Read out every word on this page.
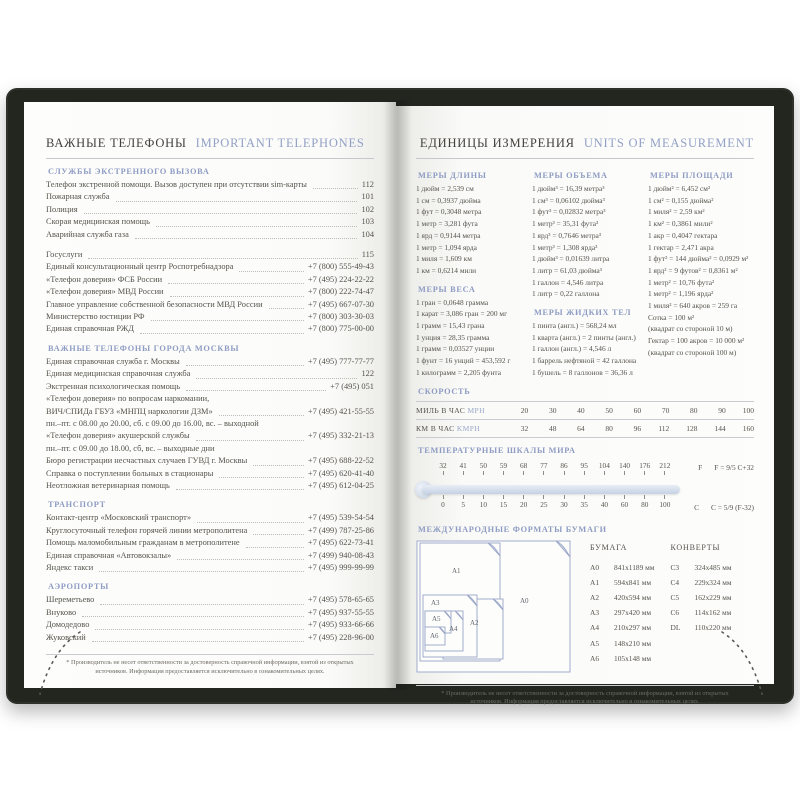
ВАЖНЫЕ ТЕЛЕФОНЫ IMPORTANT TELEPHONES
СЛУЖБЫ ЭКСТРЕННОГО ВЫЗОВА
Телефон экстренной помощи. Вызов доступен при отсутствии sim-карты	112
Пожарная служба	101
Полиция	102
Скорая медицинская помощь	103
Аварийная служба газа	104
Госуслуги	115
Единый консультационный центр Роспотребнадзора	+7 (800) 555-49-43
«Телефон доверия» ФСБ России	+7 (495) 224-22-22
«Телефон доверия» МВД России	+7 (800) 222-74-47
Главное управление собственной безопасности МВД России	+7 (495) 667-07-30
Министерство юстиции РФ	+7 (800) 303-30-03
Единая справочная РЖД	+7 (800) 775-00-00
ВАЖНЫЕ ТЕЛЕФОНЫ ГОРОДА МОСКВЫ
Единая справочная служба г. Москвы	+7 (495) 777-77-77
Единая медицинская справочная служба	122
Экстренная психологическая помощь	+7 (495) 051
«Телефон доверия» по вопросам наркомании,
ВИЧ/СПИДа ГБУЗ «МНПЦ наркологии ДЗМ»	+7 (495) 421-55-55
пн.–пт. с 08.00 до 20.00, сб. с 09.00 до 16.00, вс. – выходной
«Телефон доверия» акушерской службы	+7 (495) 332-21-13
пн.–пт. с 09.00 до 18.00, сб, вс. – выходные дни
Бюро регистрации несчастных случаев ГУВД г. Москвы	+7 (495) 688-22-52
Справка о поступлении больных в стационары	+7 (495) 620-41-40
Неотложная ветеринарная помощь	+7 (495) 612-04-25
ТРАНСПОРТ
Контакт-центр «Московский транспорт»	+7 (495) 539-54-54
Круглосуточный телефон горячей линии метрополитена	+7 (499) 787-25-86
Помощь маломобильным гражданам в метрополитене	+7 (495) 622-73-41
Единая справочная «Автовокзалы»	+7 (499) 940-08-43
Яндекс такси	+7 (495) 999-99-99
АЭРОПОРТЫ
Шереметьево	+7 (495) 578-65-65
Внуково	+7 (495) 937-55-55
Домодедово	+7 (495) 933-66-66
Жуковский	+7 (495) 228-96-00
* Производитель не несет ответственности за достоверность справочной информации, взятой из открытых источников. Информация предоставляется исключительно в ознакомительных целях.
ЕДИНИЦЫ ИЗМЕРЕНИЯ UNITS OF MEASUREMENT
МЕРЫ ДЛИНЫ
1 дюйм = 2,539 см
1 см = 0,3937 дюйма
1 фут = 0,3048 метра
1 метр = 3,281 фута
1 ярд = 0,9144 метра
1 метр = 1,094 ярда
1 миля = 1,609 км
1 км = 0,6214 мили
МЕРЫ ВЕСА
1 гран = 0,0648 грамма
1 карат = 3,086 гран = 200 мг
1 грамм = 15,43 грана
1 унция = 28,35 грамма
1 грамм = 0,03527 унции
1 фунт = 16 унций = 453,592 г
1 килограмм = 2,205 фунта
МЕРЫ ОБЪЕМА
1 дюйм³ = 16,39 метра³
1 см³ = 0,06102 дюйма³
1 фут³ = 0,02832 метра³
1 метр³ = 35,31 фута³
1 ярд³ = 0,7646 метра³
1 метр³ = 1,308 ярда³
1 дюйм³ = 0,01639 литра
1 литр = 61,03 дюйма³
1 галлон = 4,546 литра
1 литр = 0,22 галлона
МЕРЫ ЖИДКИХ ТЕЛ
1 пинта (англ.) = 568,24 мл
1 кварта (англ.) = 2 пинты (англ.)
1 галлон (англ.) = 4,546 л
1 баррель нефтяной = 42 галлона
1 бушель = 8 галлонов = 36,36 л
МЕРЫ ПЛОЩАДИ
1 дюйм² = 6,452 см²
1 см² = 0,155 дюйма²
1 миля² = 2,59 км²
1 км² = 0,3861 мили²
1 акр = 0,4047 гектара
1 гектар = 2,471 акра
1 фут² = 144 дюйма² = 0,0929 м²
1 ярд² = 9 футов² = 0,8361 м²
1 метр² = 10,76 фута²
1 метр² = 1,196 ярда²
1 миля² = 640 акров = 259 га
Сотка = 100 м²
(квадрат со стороной 10 м)
Гектар = 100 акров = 10 000 м²
(квадрат со стороной 100 м)
СКОРОСТЬ
МИЛЬ В ЧАС MPH	20	30	40	50	60	70	80	90	100
КМ В ЧАС KMPH	32	48	64	80	96	112	128	144	160
ТЕМПЕРАТУРНЫЕ ШКАЛЫ МИРА
32 41 50 59 68 77 86 95 104 140 176 212
0 5 10 15 20 25 30 35 40 60 80 100
F F = 9/5 C+32
C C = 5/9 (F-32)
МЕЖДУНАРОДНЫЕ ФОРМАТЫ БУМАГИ
A1
A0
A3
A2
A5
A4
A6
БУМАГА
A0	841x1189 мм
A1	594x841 мм
A2	420x594 мм
A3	297x420 мм
A4	210x297 мм
A5	148x210 мм
A6	105x148 мм
КОНВЕРТЫ
C3	324x485 мм
C4	229x324 мм
C5	162x229 мм
C6	114x162 мм
DL	110x220 мм
* Производитель не несет ответственности за достоверность справочной информации, взятой из открытых источников. Информация предоставляется исключительно в ознакомительных целях.
